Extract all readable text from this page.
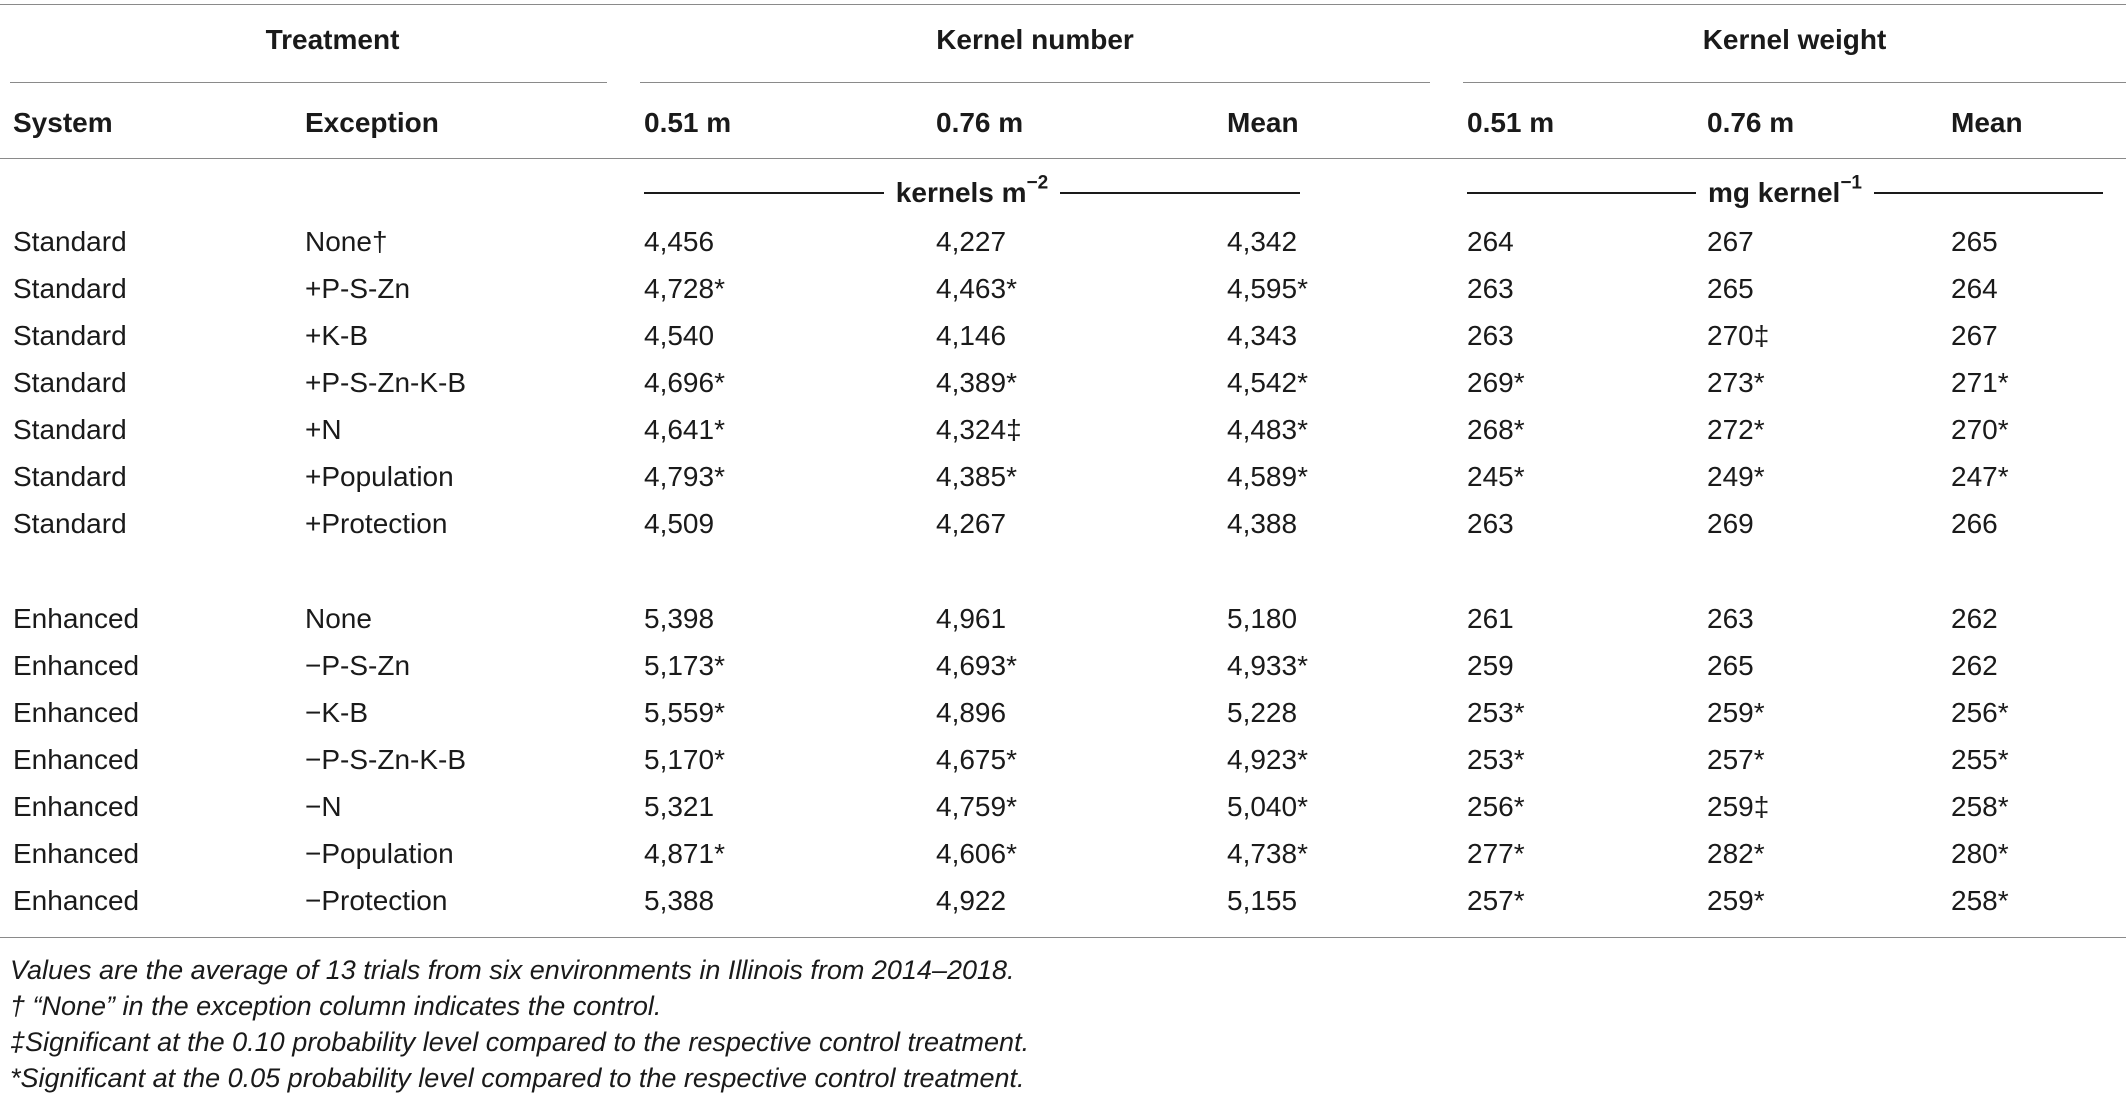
Treatment	Kernel number	Kernel weight
System	Exception	0.51 m	0.76 m	Mean	0.51 m	0.76 m	Mean
kernels $m^{-2}$	mg kernel$^{-1}$
Standard	None†	4,456	4,227	4,342	264	267	265
Standard	+P-S-Zn	4,728*	4,463*	4,595*	263	265	264
Standard	+K-B	4,540	4,146	4,343	263	270‡	267
Standard	+P-S-Zn-K-B	4,696*	4,389*	4,542*	269*	273*	271*
Standard	+N	4,641*	4,324‡	4,483*	268*	272*	270*
Standard	+Population	4,793*	4,385*	4,589*	245*	249*	247*
Standard	+Protection	4,509	4,267	4,388	263	269	266
Enhanced	None	5,398	4,961	5,180	261	263	262
Enhanced	−P-S-Zn	5,173*	4,693*	4,933*	259	265	262
Enhanced	−K-B	5,559*	4,896	5,228	253*	259*	256*
Enhanced	−P-S-Zn-K-B	5,170*	4,675*	4,923*	253*	257*	255*
Enhanced	−N	5,321	4,759*	5,040*	256*	259‡	258*
Enhanced	−Population	4,871*	4,606*	4,738*	277*	282*	280*
Enhanced	−Protection	5,388	4,922	5,155	257*	259*	258*
Values are the average of 13 trials from six environments in Illinois from 2014–2018.
† “None” in the exception column indicates the control.
‡Significant at the 0.10 probability level compared to the respective control treatment.
*Significant at the 0.05 probability level compared to the respective control treatment.
